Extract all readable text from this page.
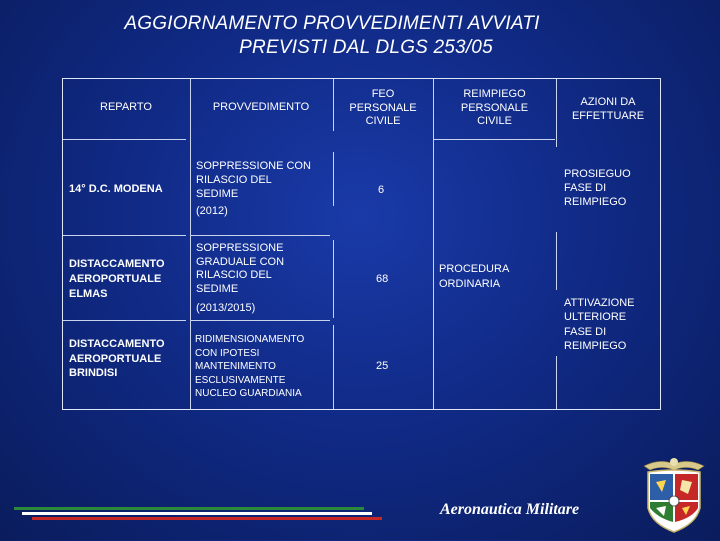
AGGIORNAMENTO PROVVEDIMENTI AVVIATI
PREVISTI DAL DLGS 253/05
REPARTO	PROVVEDIMENTO
FEO
PERSONALE
CIVILE
REIMPIEGO
PERSONALE
CIVILE
AZIONI DA
EFFETTUARE
14° D.C. MODENA
SOPPRESSIONE CON
RILASCIO DEL
SEDIME
(2012)
6
DISTACCAMENTO
AEROPORTUALE
ELMAS
SOPPRESSIONE
GRADUALE CON
RILASCIO DEL
SEDIME
(2013/2015)
68
DISTACCAMENTO
AEROPORTUALE
BRINDISI
RIDIMENSIONAMENTO
CON IPOTESI
MANTENIMENTO
ESCLUSIVAMENTE
NUCLEO GUARDIANIA
25
PROCEDURA
ORDINARIA
PROSIEGUO
FASE DI
REIMPIEGO
ATTIVAZIONE
ULTERIORE
FASE DI
REIMPIEGO
Aeronautica Militare
